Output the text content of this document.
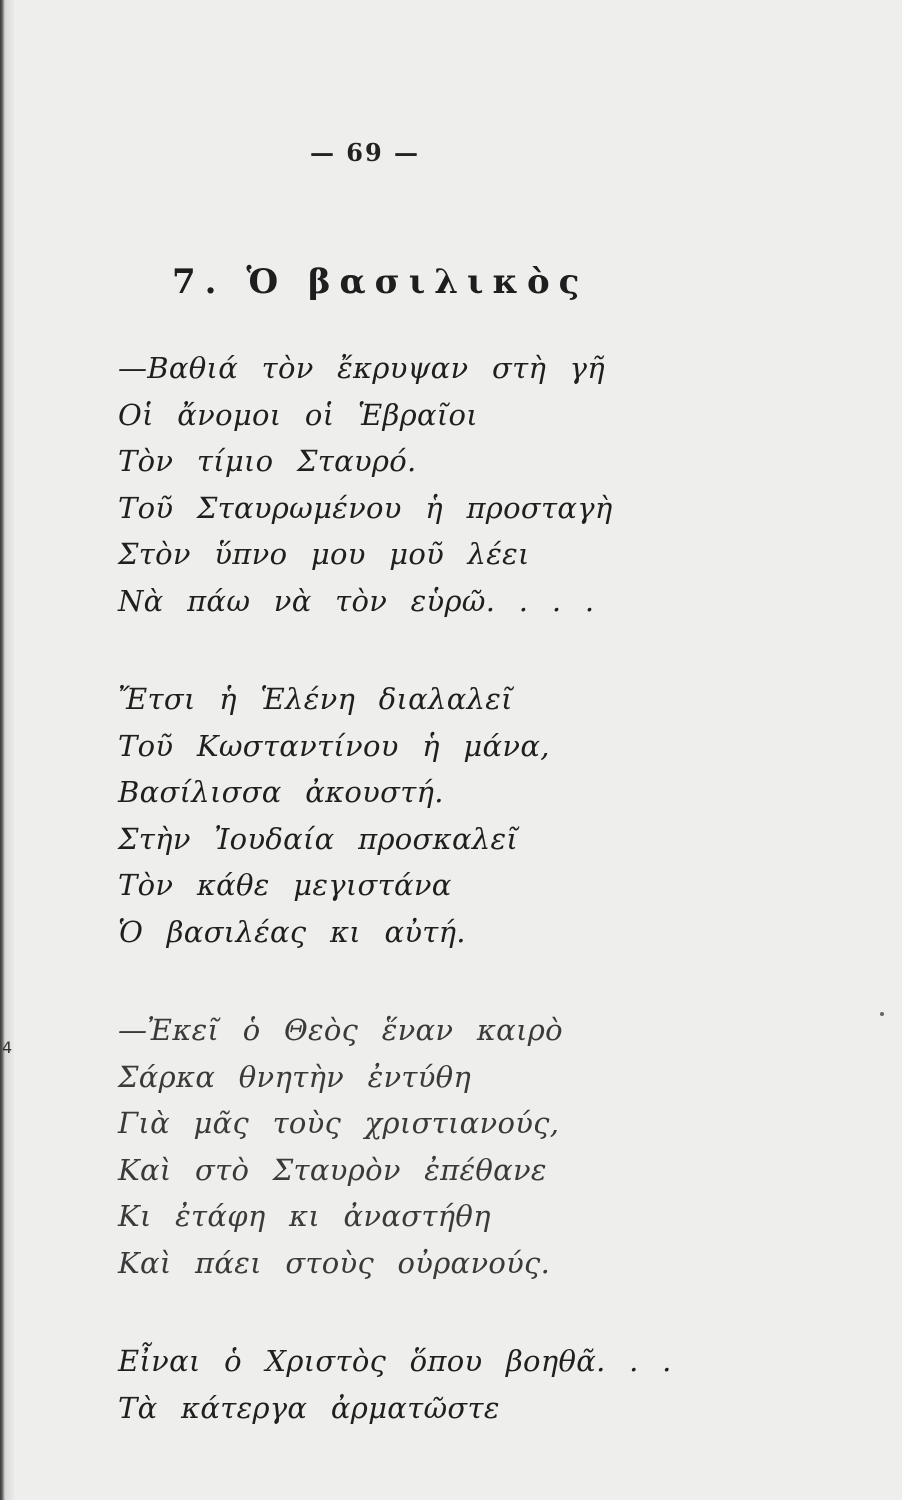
4
— 69 —
7. Ὁ βασιλικὸς
—Βαθιά τὸν ἔκρυψαν στὴ γῆ
Οἱ ἄνομοι οἱ Ἑβραῖοι
Τὸν τίμιο Σταυρό.
Τοῦ Σταυρωμένου ἡ προσταγὴ
Στὸν ὕπνο μου μοῦ λέει
Νὰ πάω νὰ τὸν εὑρῶ. . . .
Ἔτσι ἡ Ἑλένη διαλαλεῖ
Τοῦ Κωσταντίνου ἡ μάνα,
Βασίλισσα ἀκουστή.
Στὴν Ἰουδαία προσκαλεῖ
Τὸν κάθε μεγιστάνα
Ὁ βασιλέας κι αὐτή.
—Ἐκεῖ ὁ Θεὸς ἕναν καιρὸ
Σάρκα θνητὴν ἐντύθη
Γιὰ μᾶς τοὺς χριστιανούς,
Καὶ στὸ Σταυρὸν ἐπέθανε
Κι ἐτάφη κι ἀναστήθη
Καὶ πάει στοὺς οὐρανούς.
Εἶναι ὁ Χριστὸς ὅπου βοηθᾶ. . .
Τὰ κάτεργα ἀρματῶστε
